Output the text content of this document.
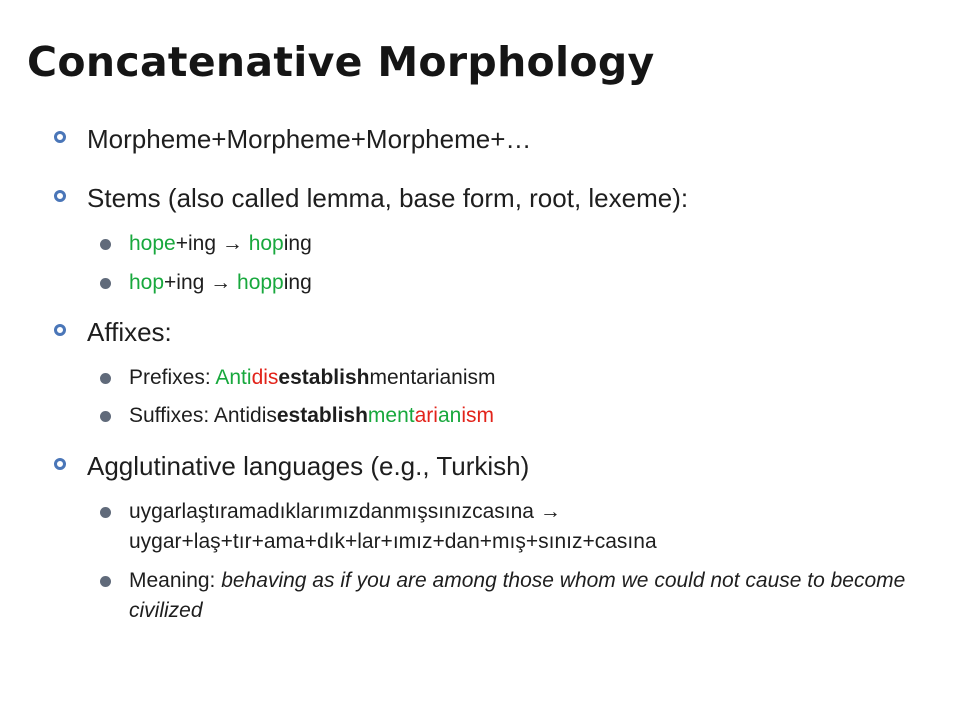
Concatenative Morphology
Morpheme+Morpheme+Morpheme+…
Stems (also called lemma, base form, root, lexeme):
hope+ing → hoping
hop+ing → hopping
Affixes:
Prefixes: Antidisestablishmentarianism
Suffixes: Antidisestablishmentarianism
Agglutinative languages (e.g., Turkish)
uygarlaştıramadıklarımızdanmışsınızcasına →
uygar+laş+tır+ama+dık+lar+ımız+dan+mış+sınız+casına
Meaning: behaving as if you are among those whom we could not cause to become civilized
